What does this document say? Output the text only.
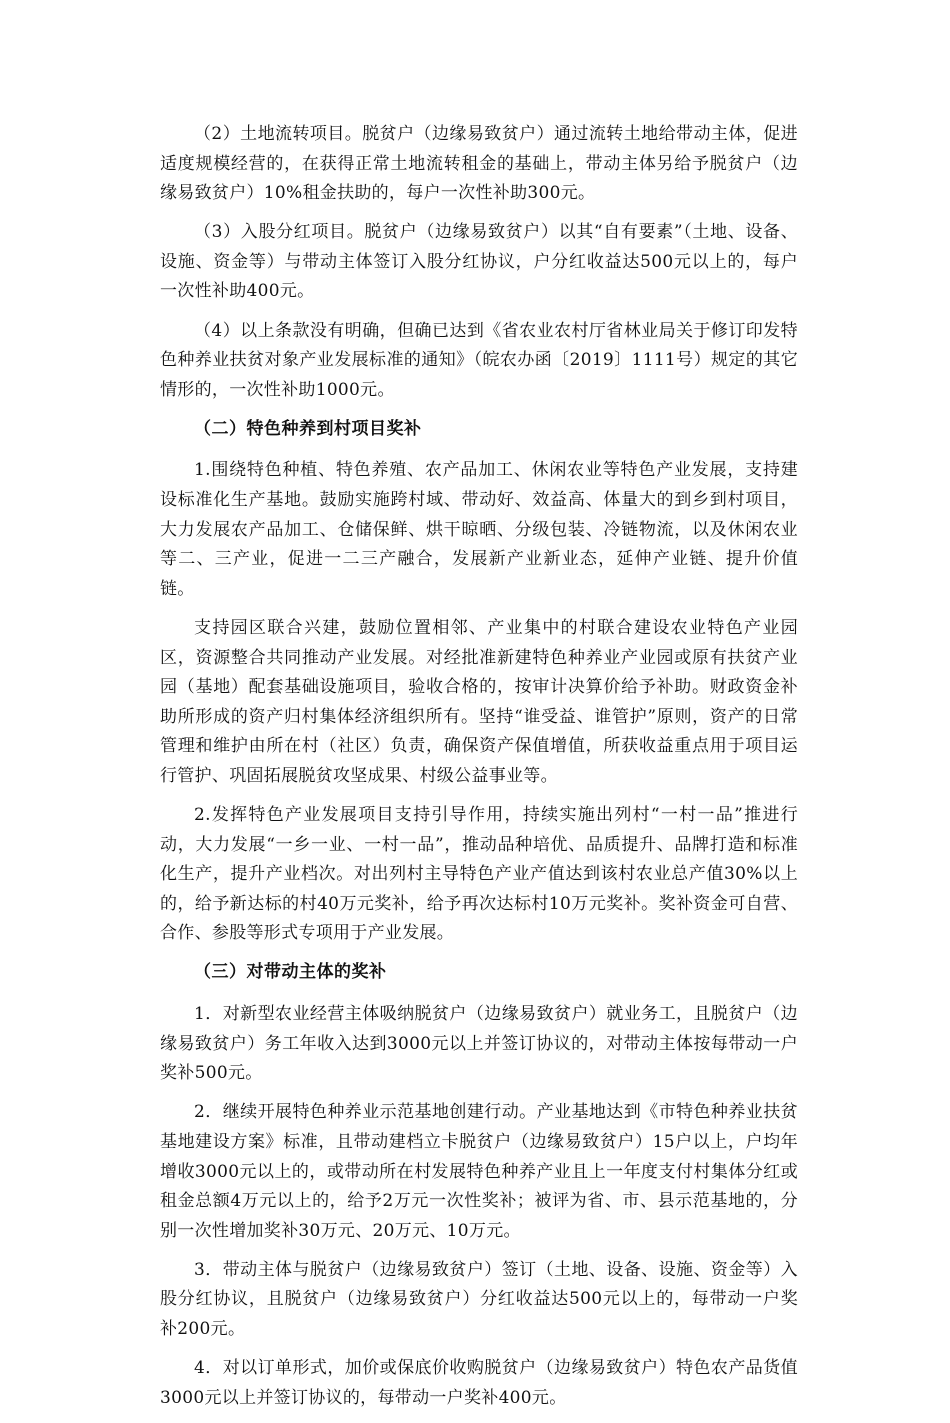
（2）土地流转项目。脱贫户（边缘易致贫户）通过流转土地给带动主体，促进适度规模经营的，在获得正常土地流转租金的基础上，带动主体另给予脱贫户（边缘易致贫户）10%租金扶助的，每户一次性补助300元。

（3）入股分红项目。脱贫户（边缘易致贫户）以其“自有要素”（土地、设备、设施、资金等）与带动主体签订入股分红协议，户分红收益达500元以上的，每户一次性补助400元。

（4）以上条款没有明确，但确已达到《省农业农村厅省林业局关于修订印发特色种养业扶贫对象产业发展标准的通知》（皖农办函〔2019〕1111号）规定的其它情形的，一次性补助1000元。

（二）特色种养到村项目奖补

1.围绕特色种植、特色养殖、农产品加工、休闲农业等特色产业发展，支持建设标准化生产基地。鼓励实施跨村域、带动好、效益高、体量大的到乡到村项目，大力发展农产品加工、仓储保鲜、烘干晾晒、分级包装、冷链物流，以及休闲农业等二、三产业，促进一二三产融合，发展新产业新业态，延伸产业链、提升价值链。

支持园区联合兴建，鼓励位置相邻、产业集中的村联合建设农业特色产业园区，资源整合共同推动产业发展。对经批准新建特色种养业产业园或原有扶贫产业园（基地）配套基础设施项目，验收合格的，按审计决算价给予补助。财政资金补助所形成的资产归村集体经济组织所有。坚持“谁受益、谁管护”原则，资产的日常管理和维护由所在村（社区）负责，确保资产保值增值，所获收益重点用于项目运行管护、巩固拓展脱贫攻坚成果、村级公益事业等。

2.发挥特色产业发展项目支持引导作用，持续实施出列村“一村一品”推进行动，大力发展“一乡一业、一村一品”，推动品种培优、品质提升、品牌打造和标准化生产，提升产业档次。对出列村主导特色产业产值达到该村农业总产值30%以上的，给予新达标的村40万元奖补，给予再次达标村10万元奖补。奖补资金可自营、合作、参股等形式专项用于产业发展。

（三）对带动主体的奖补

1．对新型农业经营主体吸纳脱贫户（边缘易致贫户）就业务工，且脱贫户（边缘易致贫户）务工年收入达到3000元以上并签订协议的，对带动主体按每带动一户奖补500元。

2．继续开展特色种养业示范基地创建行动。产业基地达到《市特色种养业扶贫基地建设方案》标准，且带动建档立卡脱贫户（边缘易致贫户）15户以上，户均年增收3000元以上的，或带动所在村发展特色种养产业且上一年度支付村集体分红或租金总额4万元以上的，给予2万元一次性奖补；被评为省、市、县示范基地的，分别一次性增加奖补30万元、20万元、10万元。

3．带动主体与脱贫户（边缘易致贫户）签订（土地、设备、设施、资金等）入股分红协议，且脱贫户（边缘易致贫户）分红收益达500元以上的，每带动一户奖补200元。

4．对以订单形式，加价或保底价收购脱贫户（边缘易致贫户）特色农产品货值3000元以上并签订协议的，每带动一户奖补400元。
